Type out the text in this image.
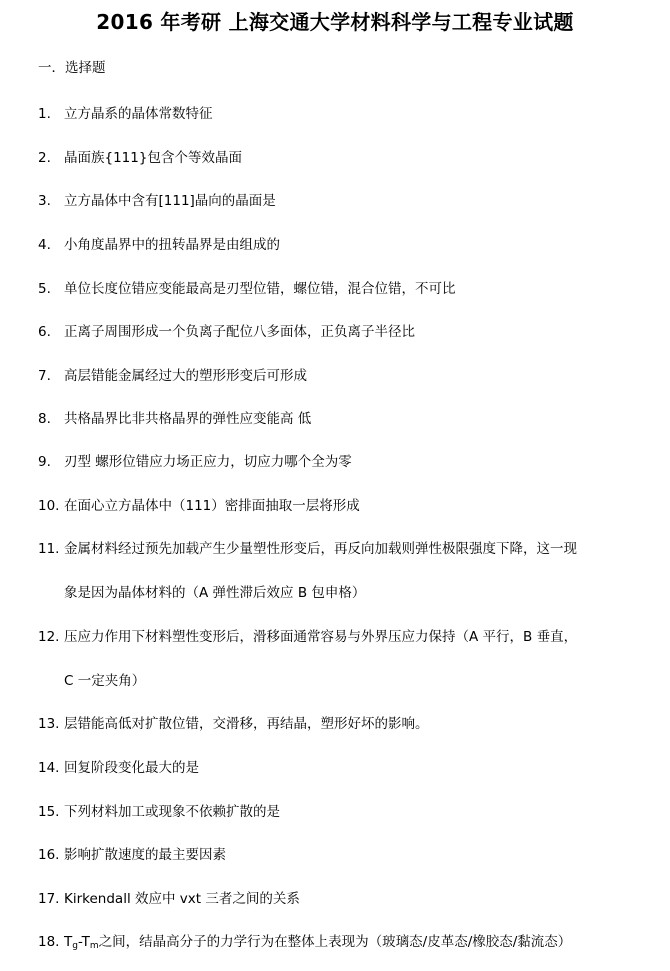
2016 年考研 上海交通大学材料科学与工程专业试题
一．选择题
1. 立方晶系的晶体常数特征
2. 晶面族{111}包含个等效晶面
3. 立方晶体中含有[111]晶向的晶面是
4. 小角度晶界中的扭转晶界是由组成的
5. 单位长度位错应变能最高是刃型位错，螺位错，混合位错，不可比
6. 正离子周围形成一个负离子配位八多面体，正负离子半径比
7. 高层错能金属经过大的塑形形变后可形成
8. 共格晶界比非共格晶界的弹性应变能高 低
9. 刃型 螺形位错应力场正应力，切应力哪个全为零
10. 在面心立方晶体中（111）密排面抽取一层将形成
11. 金属材料经过预先加载产生少量塑性形变后，再反向加载则弹性极限强度下降，这一现
象是因为晶体材料的（A 弹性滞后效应 B 包申格）
12. 压应力作用下材料塑性变形后，滑移面通常容易与外界压应力保持（A 平行，B 垂直，
C 一定夹角）
13. 层错能高低对扩散位错，交滑移，再结晶，塑形好坏的影响。
14. 回复阶段变化最大的是
15. 下列材料加工或现象不依赖扩散的是
16. 影响扩散速度的最主要因素
17. Kirkendall 效应中 vxt 三者之间的关系
18. $T_g-T_m$之间，结晶高分子的力学行为在整体上表现为（玻璃态/皮革态/橡胶态/黏流态）
